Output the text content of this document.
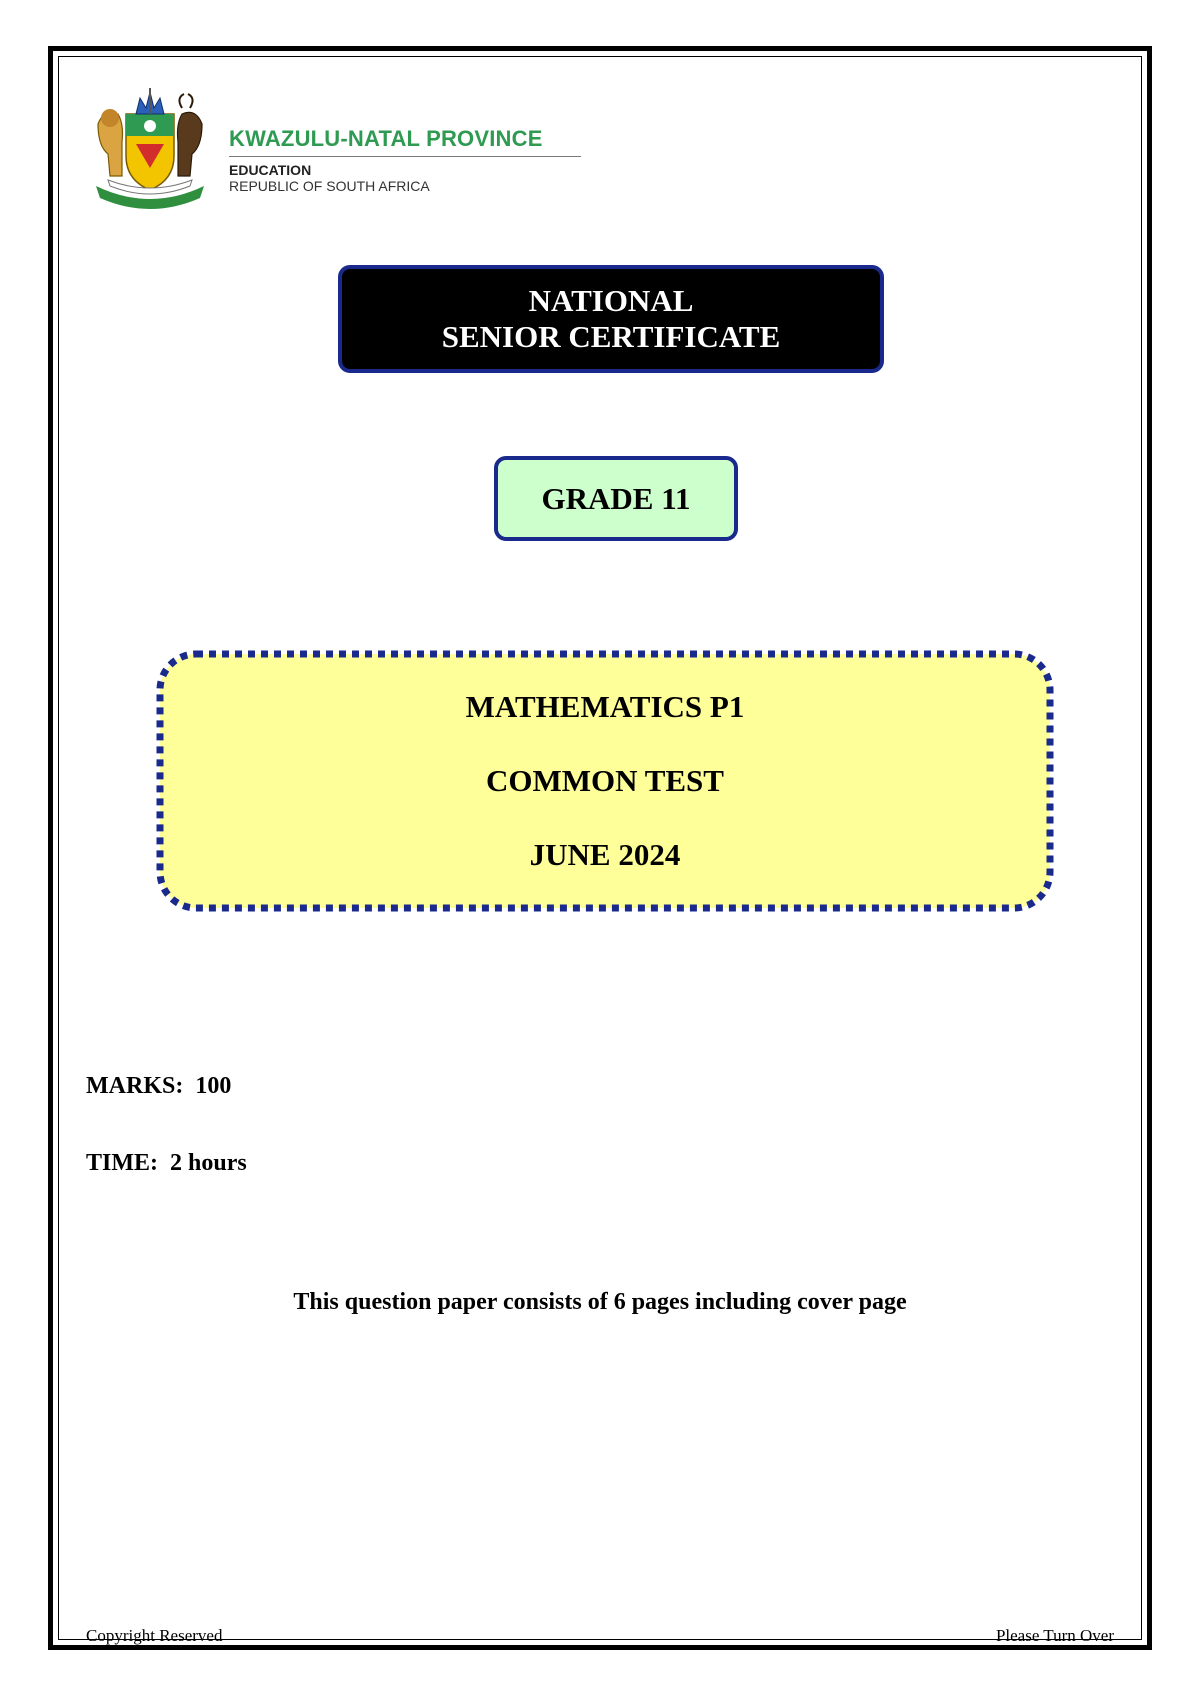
KWAZULU-NATAL PROVINCE
EDUCATION
REPUBLIC OF SOUTH AFRICA
NATIONAL
SENIOR CERTIFICATE
GRADE 11
MATHEMATICS P1
COMMON TEST
JUNE 2024
MARKS: 100
TIME: 2 hours
This question paper consists of 6 pages including cover page
Copyright Reserved	Please Turn Over
